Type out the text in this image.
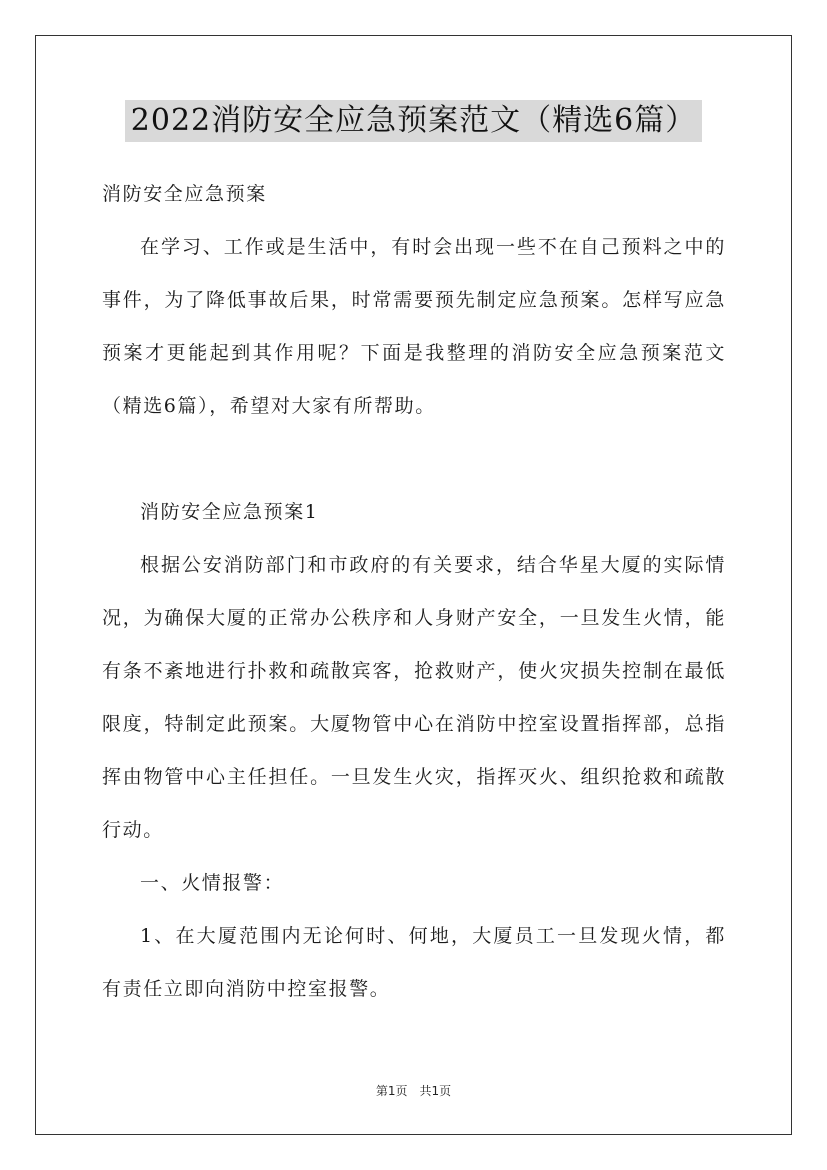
2022消防安全应急预案范文（精选6篇）

消防安全应急预案

在学习、工作或是生活中，有时会出现一些不在自己预料之中的事件，为了降低事故后果，时常需要预先制定应急预案。怎样写应急预案才更能起到其作用呢？下面是我整理的消防安全应急预案范文（精选6篇），希望对大家有所帮助。

消防安全应急预案1

根据公安消防部门和市政府的有关要求，结合华星大厦的实际情况，为确保大厦的正常办公秩序和人身财产安全，一旦发生火情，能有条不紊地进行扑救和疏散宾客，抢救财产，使火灾损失控制在最低限度，特制定此预案。大厦物管中心在消防中控室设置指挥部，总指挥由物管中心主任担任。一旦发生火灾，指挥灭火、组织抢救和疏散行动。

一、火情报警：

1、在大厦范围内无论何时、何地，大厦员工一旦发现火情，都有责任立即向消防中控室报警。

第1页　共1页
